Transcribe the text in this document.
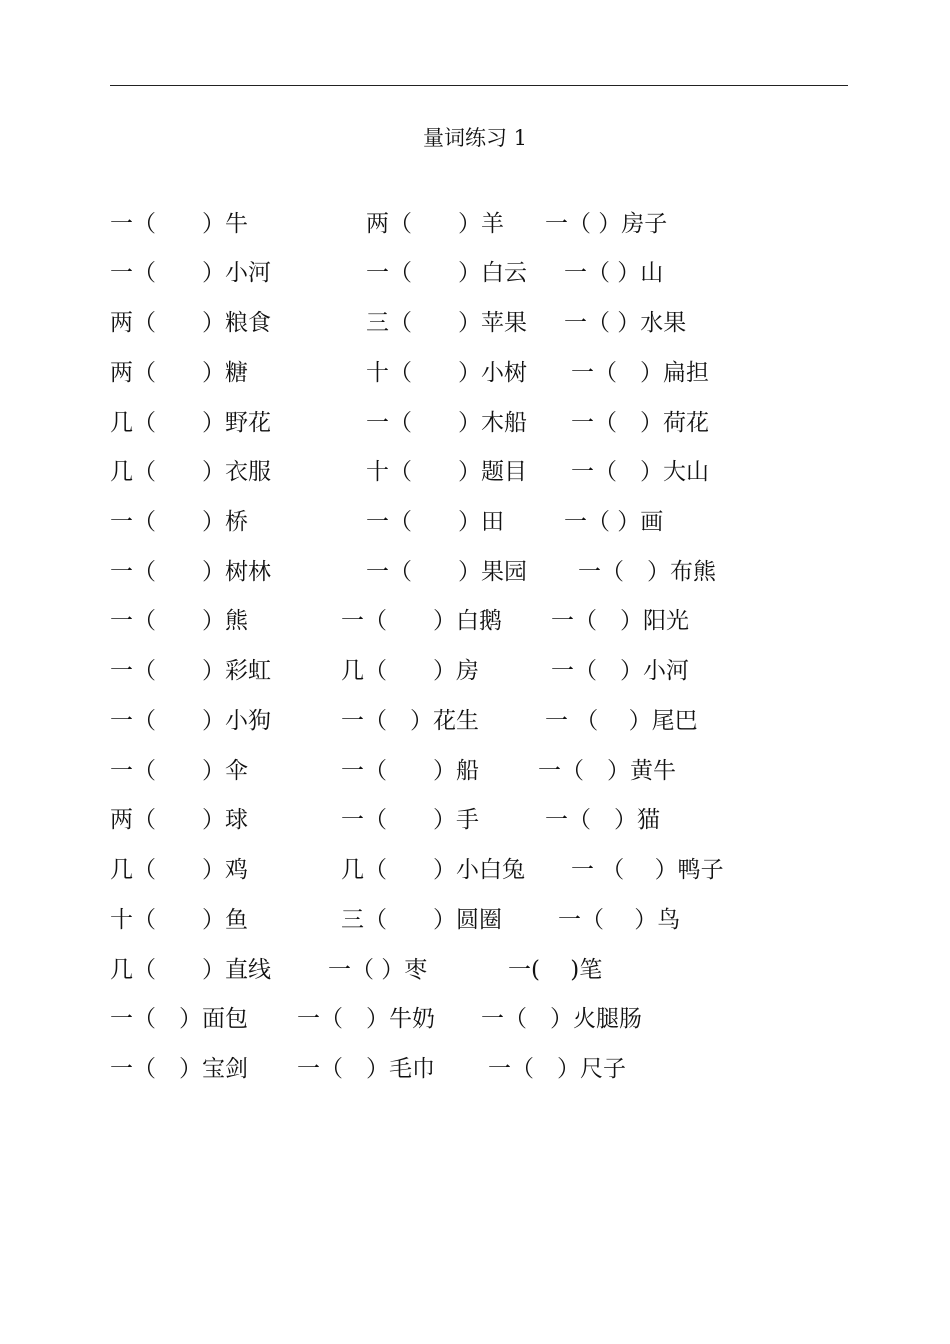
量词练习 1
一（　　）牛	两（　　）羊 一（ ）房子
一（　　）小河	一（　　）白云 一（ ）山
两（　　）粮食	三（　　）苹果 一（ ）水果
两（　　）糖	十（　　）小树 一（　）扁担
几（　　）野花	一（　　）木船 一（　）荷花
几（　　）衣服	十（　　）题目 一（　）大山
一（　　）桥	一（　　）田	一（ ）画
一（　　）树林	一（　　）果园 一（　）布熊
一（　　）熊	一（　　）白鹅 一（　）阳光
一（　　）彩虹	几（　　）房	一（　）小河
一（　　）小狗	一（　）花生	一 （　 ）尾巴
一（　　）伞	一（　　）船	一（　）黄牛
两（　　）球	一（　　）手	一（　）猫
几（　　）鸡	几（　　）小白兔 一 （　 ）鸭子
十（　　）鱼	三（　　）圆圈 一（　 ）鸟
几（　　）直线 一（ ）枣	一(　 )笔
一（　）面包 一（　）牛奶 一（　）火腿肠
一（　）宝剑 一（　）毛巾 一（　）尺子
